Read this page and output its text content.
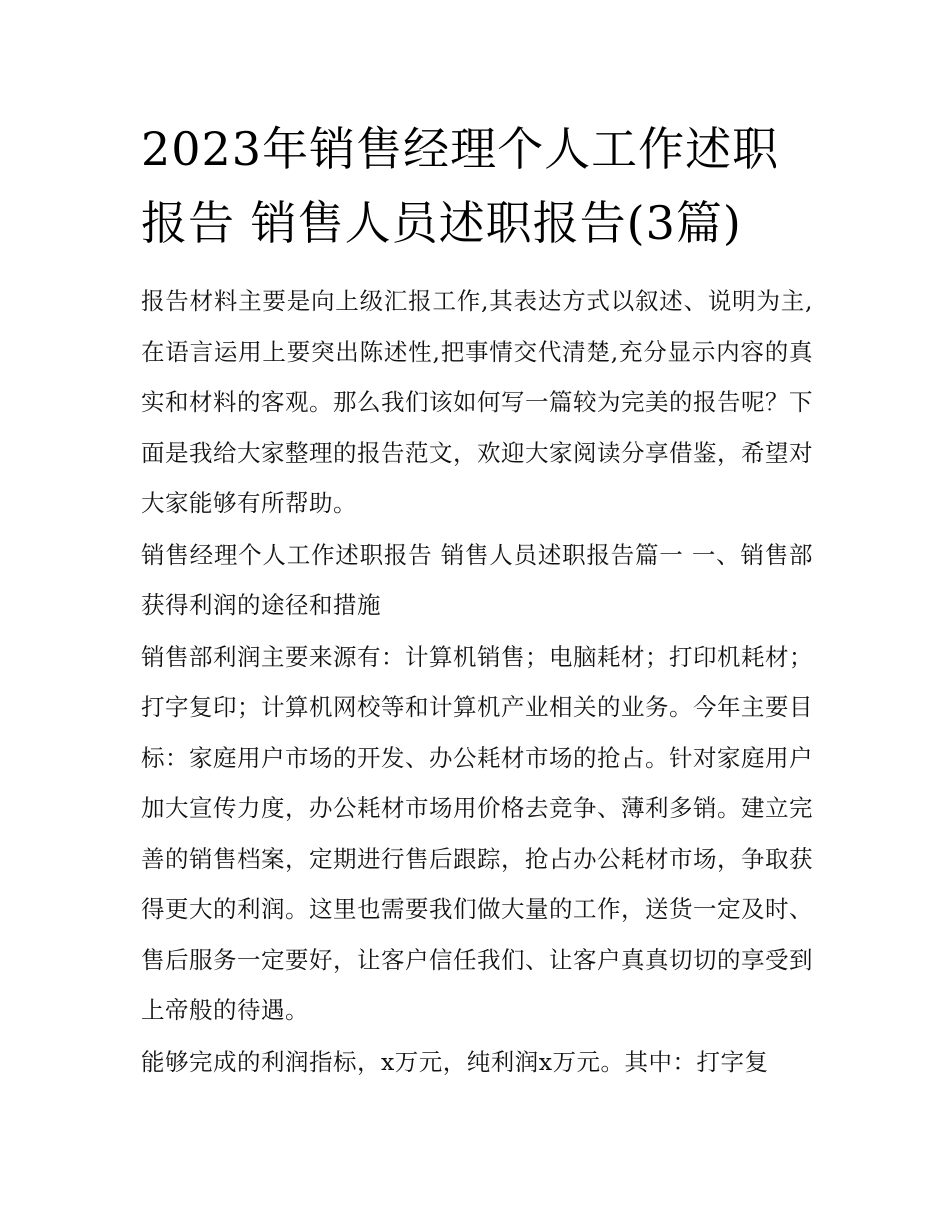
2023年销售经理个人工作述职报告 销售人员述职报告(3篇)

报告材料主要是向上级汇报工作,其表达方式以叙述、说明为主,在语言运用上要突出陈述性,把事情交代清楚,充分显示内容的真实和材料的客观。那么我们该如何写一篇较为完美的报告呢？下面是我给大家整理的报告范文，欢迎大家阅读分享借鉴，希望对大家能够有所帮助。

销售经理个人工作述职报告 销售人员述职报告篇一 一、销售部获得利润的途径和措施

销售部利润主要来源有：计算机销售；电脑耗材；打印机耗材；打字复印；计算机网校等和计算机产业相关的业务。今年主要目标：家庭用户市场的开发、办公耗材市场的抢占。针对家庭用户加大宣传力度，办公耗材市场用价格去竞争、薄利多销。建立完善的销售档案，定期进行售后跟踪，抢占办公耗材市场，争取获得更大的利润。这里也需要我们做大量的工作，送货一定及时、售后服务一定要好，让客户信任我们、让客户真真切切的享受到上帝般的待遇。

能够完成的利润指标，x万元，纯利润x万元。其中：打字复
